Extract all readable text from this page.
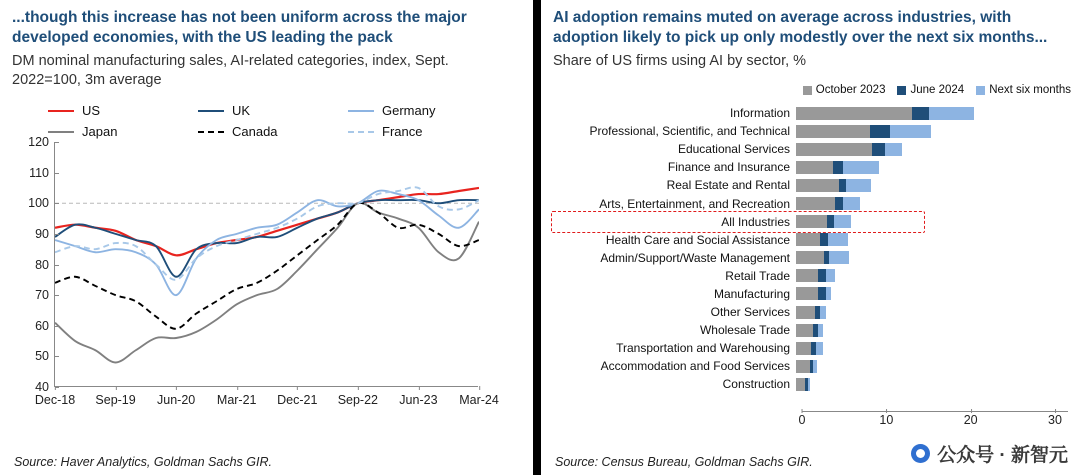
...though this increase has not been uniform across the major developed economies, with the US leading the pack
DM nominal manufacturing sales, AI-related categories, index, Sept. 2022=100, 3m average
US	UK	Germany
Japan	Canada	France
40
50
60
70
80
90
100
110
120
Dec-18 Sep-19 Jun-20 Mar-21 Dec-21 Sep-22 Jun-23 Mar-24
Source: Haver Analytics, Goldman Sachs GIR.
AI adoption remains muted on average across industries, with adoption likely to pick up only modestly over the next six months...
Share of US firms using AI by sector, %
October 2023 June 2024 Next six months
Information
Professional, Scientific, and Technical
Educational Services
Finance and Insurance
Real Estate and Rental
Arts, Entertainment, and Recreation
All Industries
Health Care and Social Assistance
Admin/Support/Waste Management
Retail Trade
Manufacturing
Other Services
Wholesale Trade
Transportation and Warehousing
Accommodation and Food Services
Construction
0	10	20	30
Source: Census Bureau, Goldman Sachs GIR.	公众号 · 新智元
